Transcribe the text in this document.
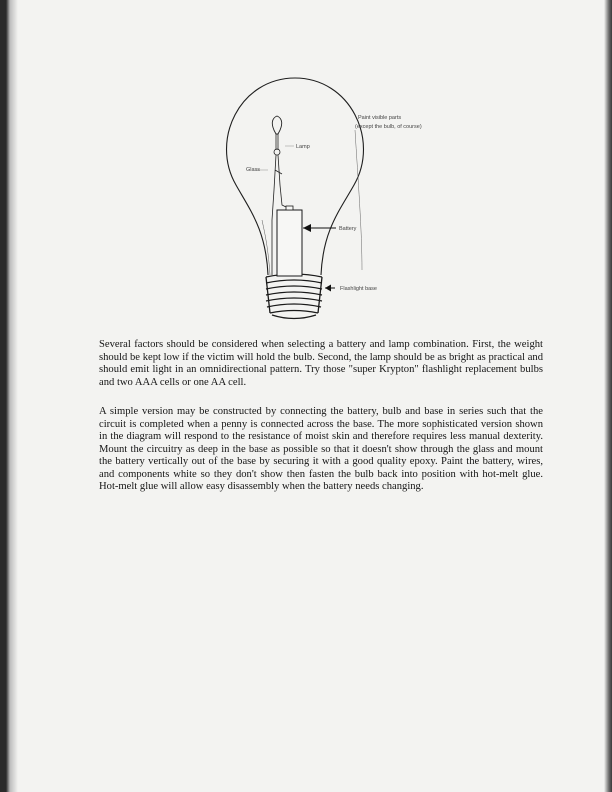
Paint visible parts
(except the bulb, of course)
Lamp
Glass
Battery
Flashlight base

Several factors should be considered when selecting a battery and lamp combination. First, the weight should be kept low if the victim will hold the bulb. Second, the lamp should be as bright as practical and should emit light in an omnidirectional pattern. Try those "super Krypton" flashlight replacement bulbs and two AAA cells or one AA cell.

A simple version may be constructed by connecting the battery, bulb and base in series such that the circuit is completed when a penny is connected across the base. The more sophisticated version shown in the diagram will respond to the resistance of moist skin and therefore requires less manual dexterity. Mount the circuitry as deep in the base as possible so that it doesn't show through the glass and mount the battery vertically out of the base by securing it with a good quality epoxy. Paint the battery, wires, and components white so they don't show then fasten the bulb back into position with hot-melt glue. Hot-melt glue will allow easy disassembly when the battery needs changing.
